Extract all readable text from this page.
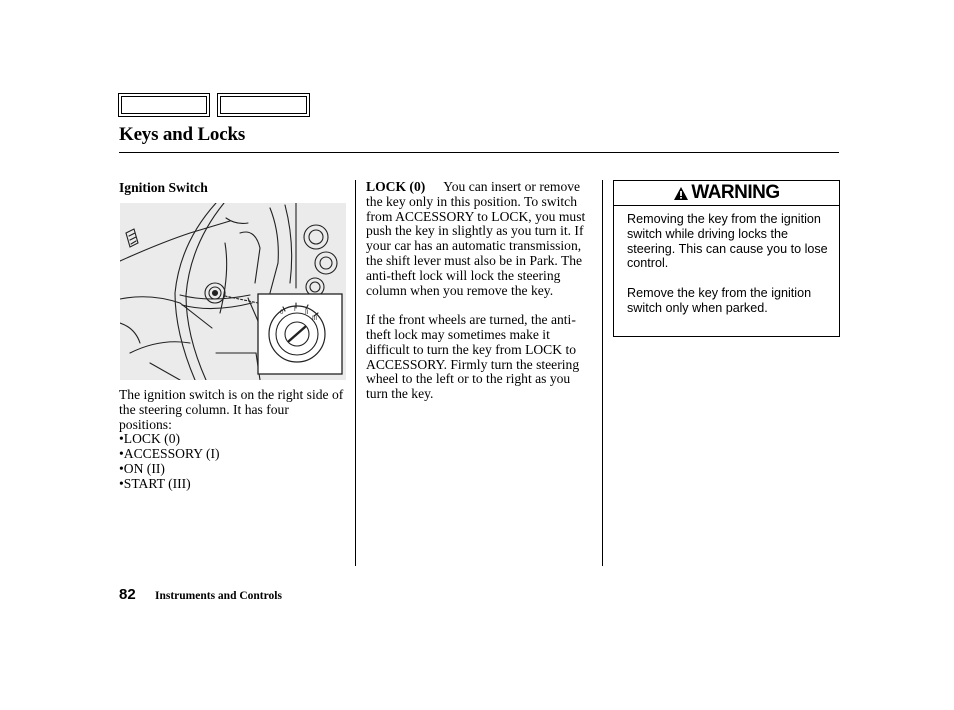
Keys and Locks
Ignition Switch
0 I II
III

The ignition switch is on the right side of the steering column. It has four positions:

• LOCK (0)
• ACCESSORY (I)
• ON (II)
• START (III)

LOCK (0) You can insert or remove the key only in this position. To switch from ACCESSORY to LOCK, you must push the key in slightly as you turn it. If your car has an automatic transmission, the shift lever must also be in Park. The anti-theft lock will lock the steering column when you remove the key.

If the front wheels are turned, the anti-theft lock may sometimes make it difficult to turn the key from LOCK to ACCESSORY. Firmly turn the steering wheel to the left or to the right as you turn the key.

WARNING

Removing the key from the ignition switch while driving locks the steering. This can cause you to lose control.

Remove the key from the ignition switch only when parked.

82 Instruments and Controls
